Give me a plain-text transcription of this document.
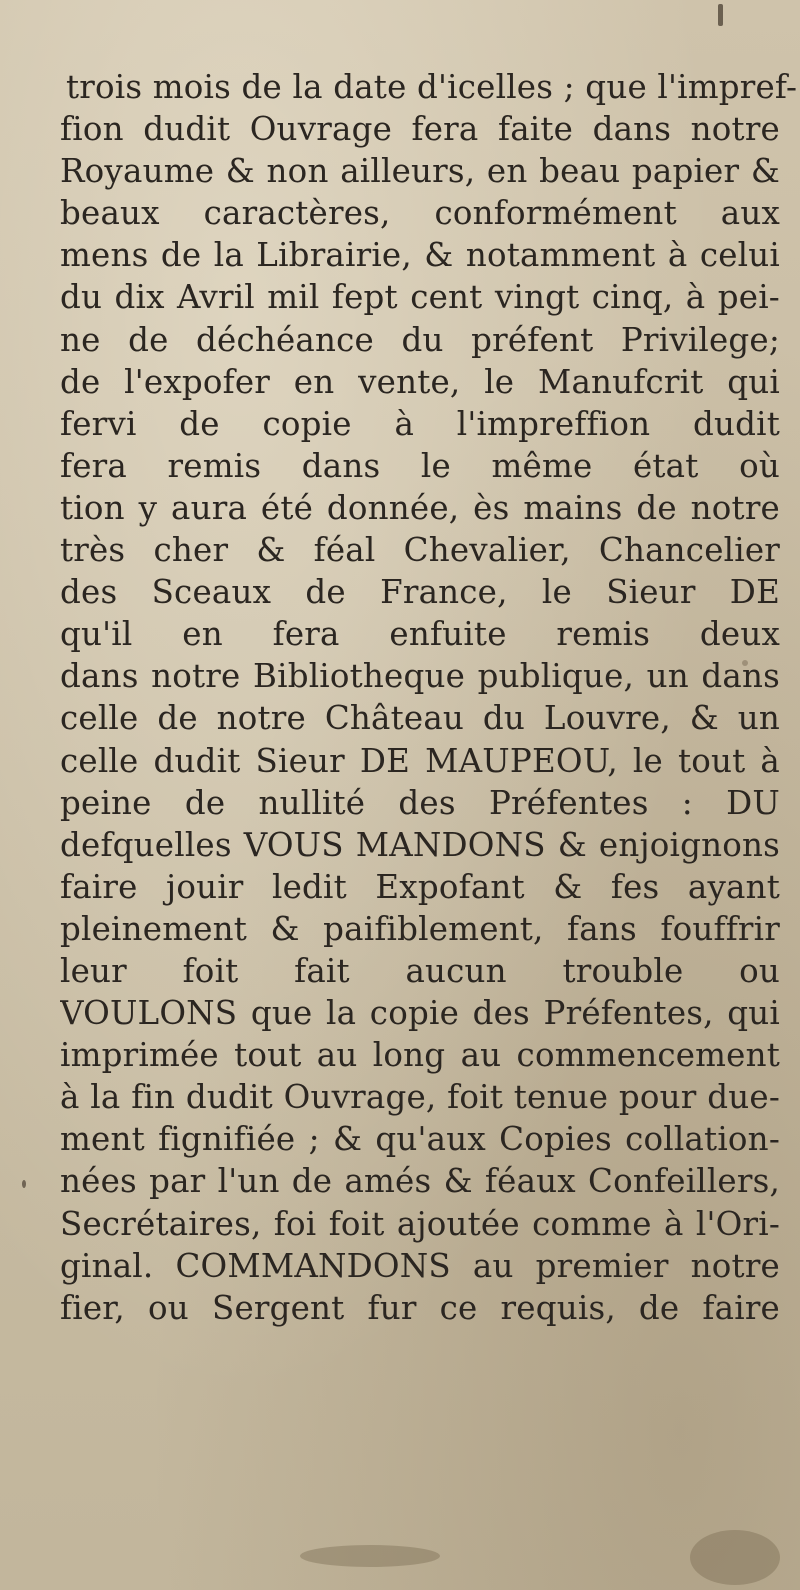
trois mois de la date d'icelles ; que l'impref-
fion dudit Ouvrage fera faite dans notre
Royaume & non ailleurs, en beau papier &
beaux caractères, conformément aux
mens de la Librairie, & notamment à celui
du dix Avril mil fept cent vingt cinq, à pei-
ne de déchéance du préfent Privilege;
de l'expofer en vente, le Manufcrit qui
fervi de copie à l'impreffion dudit
fera remis dans le même état où
tion y aura été donnée, ès mains de notre
très cher & féal Chevalier, Chancelier
des Sceaux de France, le Sieur DE
qu'il en fera enfuite remis deux
dans notre Bibliotheque publique, un dans
celle de notre Château du Louvre, & un
celle dudit Sieur DE MAUPEOU, le tout à
peine de nullité des Préfentes : DU
defquelles VOUS MANDONS & enjoignons
faire jouir ledit Expofant & fes ayant
pleinement & paifiblement, fans fouffrir
leur foit fait aucun trouble ou
VOULONS que la copie des Préfentes, qui
imprimée tout au long au commencement
à la fin dudit Ouvrage, foit tenue pour due-
ment fignifiée ; & qu'aux Copies collation-
nées par l'un de amés & féaux Confeillers,
Secrétaires, foi foit ajoutée comme à l'Ori-
ginal. COMMANDONS au premier notre
fier, ou Sergent fur ce requis, de faire
